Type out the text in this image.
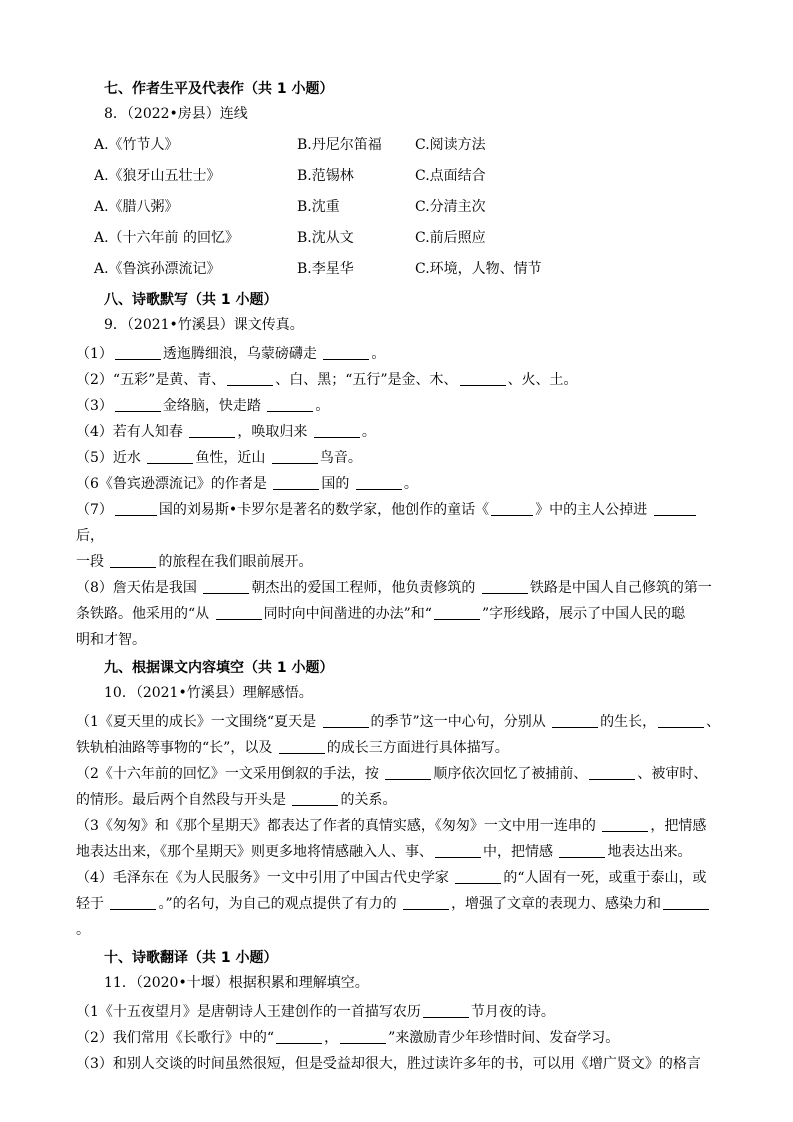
七、作者生平及代表作（共 1 小题）
8．（2022•房县）连线
A.《竹节人》	B.丹尼尔笛福	C.阅读方法
A.《狼牙山五壮士》	B.范锡林	C.点面结合
A.《腊八粥》	B.沈重	C.分清主次
A.（十六年前 的回忆》	B.沈从文	C.前后照应
A.《鲁滨孙漂流记》	B.李星华	C.环境，人物、情节
八、诗歌默写（共 1 小题）
9．（2021•竹溪县）课文传真。
（1）	透迤腾细浪，乌蒙磅礴走	。
（2）“五彩”是黄、青、	、白、黑；“五行”是金、木、	、火、土。
（3）	金络脑，快走踏	。
（4）若有人知春	，唤取归来	。
（5）近水	鱼性，近山	鸟音。
（6《鲁宾逊漂流记》的作者是	国的	。
（7）	国的刘易斯•卡罗尔是著名的数学家，他创作的童话《	》中的主人公掉进 后，
一段	的旅程在我们眼前展开。
（8）詹天佑是我国	朝杰出的爱国工程师，他负责修筑的	铁路是中国人自己修筑的第一
条铁路。他采用的“从	同时向中间凿进的办法”和“	”字形线路，展示了中国人民的聪
明和才智。
九、根据课文内容填空（共 1 小题）
10．（2021•竹溪县）理解感悟。
（1《夏天里的成长》一文围绕“夏天是	的季节”这一中心句，分别从	的生长，	、
铁轨柏油路等事物的“长”，以及	的成长三方面进行具体描写。
（2《十六年前的回忆》一文采用倒叙的手法，按	顺序依次回忆了被捕前、	、被审时、
的情形。最后两个自然段与开头是	的关系。
（3《匆匆》和《那个星期天》都表达了作者的真情实感，《匆匆》一文中用一连串的	，把情感
地表达出来，《那个星期天》则更多地将情感融入人、事、	中，把情感	地表达出来。
（4）毛泽东在《为人民服务》一文中引用了中国古代史学家	的“人固有一死，或重于泰山，或
轻于	。”的名句，为自己的观点提供了有力的	，增强了文章的表现力、感染力和。
十、诗歌翻译（共 1 小题）
11．（2020•十堰）根据积累和理解填空。
（1《十五夜望月》是唐朝诗人王建创作的一首描写农历	节月夜的诗。
（2）我们常用《长歌行》中的“	，	”来激励青少年珍惜时间、发奋学习。
（3）和别人交谈的时间虽然很短，但是受益却很大，胜过读许多年的书，可以用《增广贤文》的格言
